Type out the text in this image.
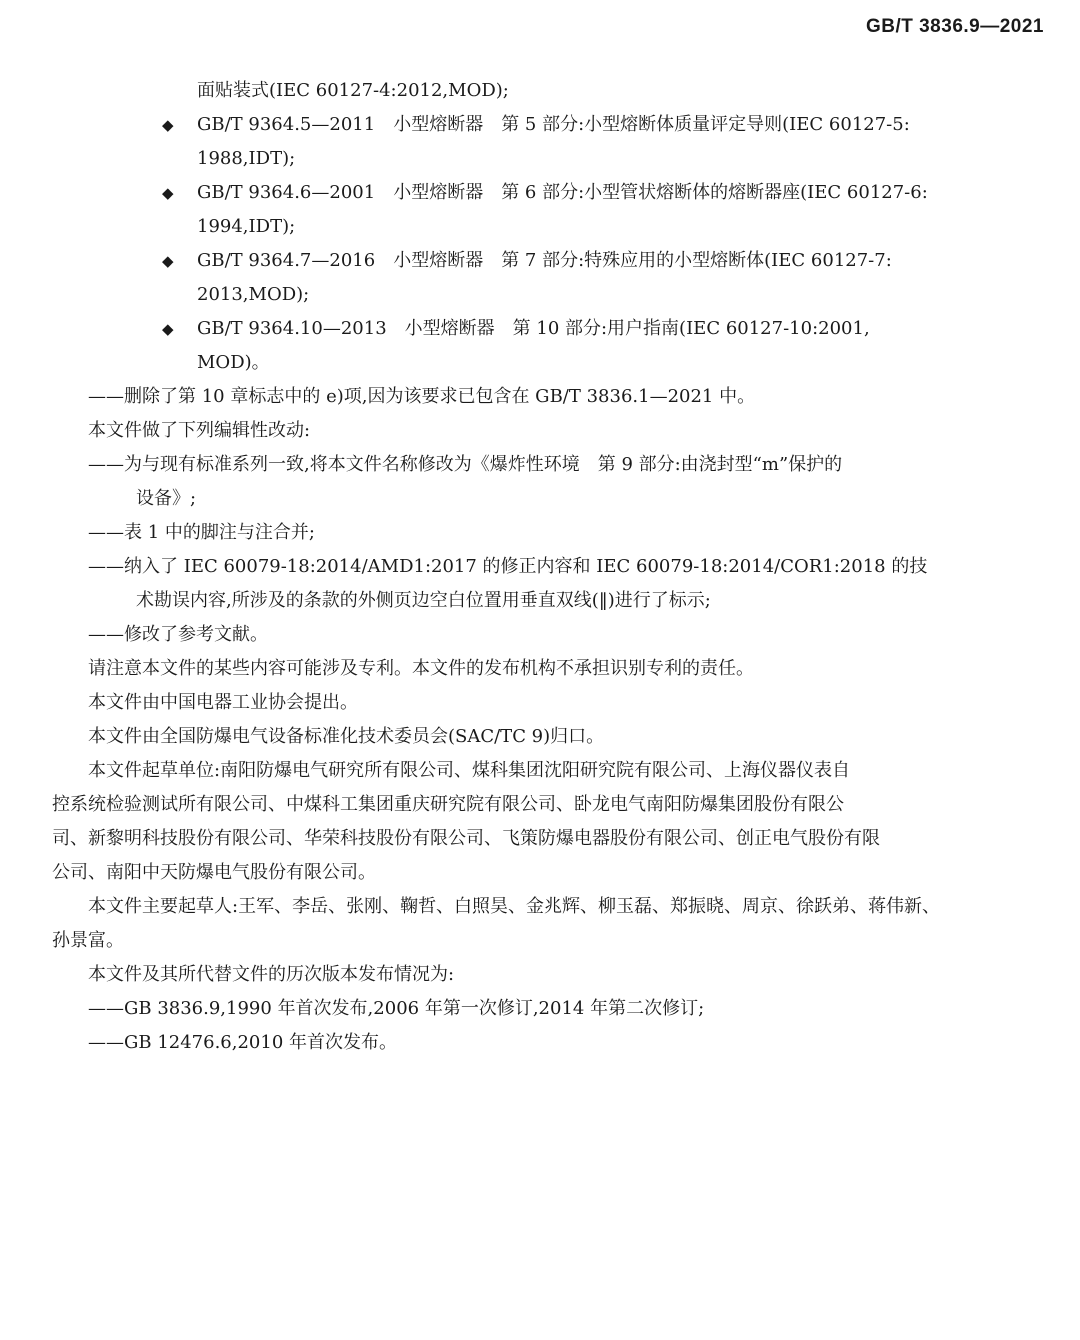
GB/T 3836.9—2021
面贴装式(IEC 60127-4:2012,MOD);
◆	GB/T 9364.5—2011　小型熔断器　第 5 部分:小型熔断体质量评定导则(IEC 60127-5:
1988,IDT);
◆	GB/T 9364.6—2001　小型熔断器　第 6 部分:小型管状熔断体的熔断器座(IEC 60127-6:
1994,IDT);
◆	GB/T 9364.7—2016　小型熔断器　第 7 部分:特殊应用的小型熔断体(IEC 60127-7:
2013,MOD);
◆	GB/T 9364.10—2013　小型熔断器　第 10 部分:用户指南(IEC 60127-10:2001,
MOD)。
——删除了第 10 章标志中的 e)项,因为该要求已包含在 GB/T 3836.1—2021 中。
本文件做了下列编辑性改动:
——为与现有标准系列一致,将本文件名称修改为《爆炸性环境　第 9 部分:由浇封型“m”保护的
设备》;
——表 1 中的脚注与注合并;
——纳入了 IEC 60079-18:2014/AMD1:2017 的修正内容和 IEC 60079-18:2014/COR1:2018 的技
术勘误内容,所涉及的条款的外侧页边空白位置用垂直双线(‖)进行了标示;
——修改了参考文献。
请注意本文件的某些内容可能涉及专利。本文件的发布机构不承担识别专利的责任。
本文件由中国电器工业协会提出。
本文件由全国防爆电气设备标准化技术委员会(SAC/TC 9)归口。
本文件起草单位:南阳防爆电气研究所有限公司、煤科集团沈阳研究院有限公司、上海仪器仪表自
控系统检验测试所有限公司、中煤科工集团重庆研究院有限公司、卧龙电气南阳防爆集团股份有限公
司、新黎明科技股份有限公司、华荣科技股份有限公司、飞策防爆电器股份有限公司、创正电气股份有限
公司、南阳中天防爆电气股份有限公司。
本文件主要起草人:王军、李岳、张刚、鞠哲、白照昊、金兆辉、柳玉磊、郑振晓、周京、徐跃弟、蒋伟新、
孙景富。
本文件及其所代替文件的历次版本发布情况为:
——GB 3836.9,1990 年首次发布,2006 年第一次修订,2014 年第二次修订;
——GB 12476.6,2010 年首次发布。
